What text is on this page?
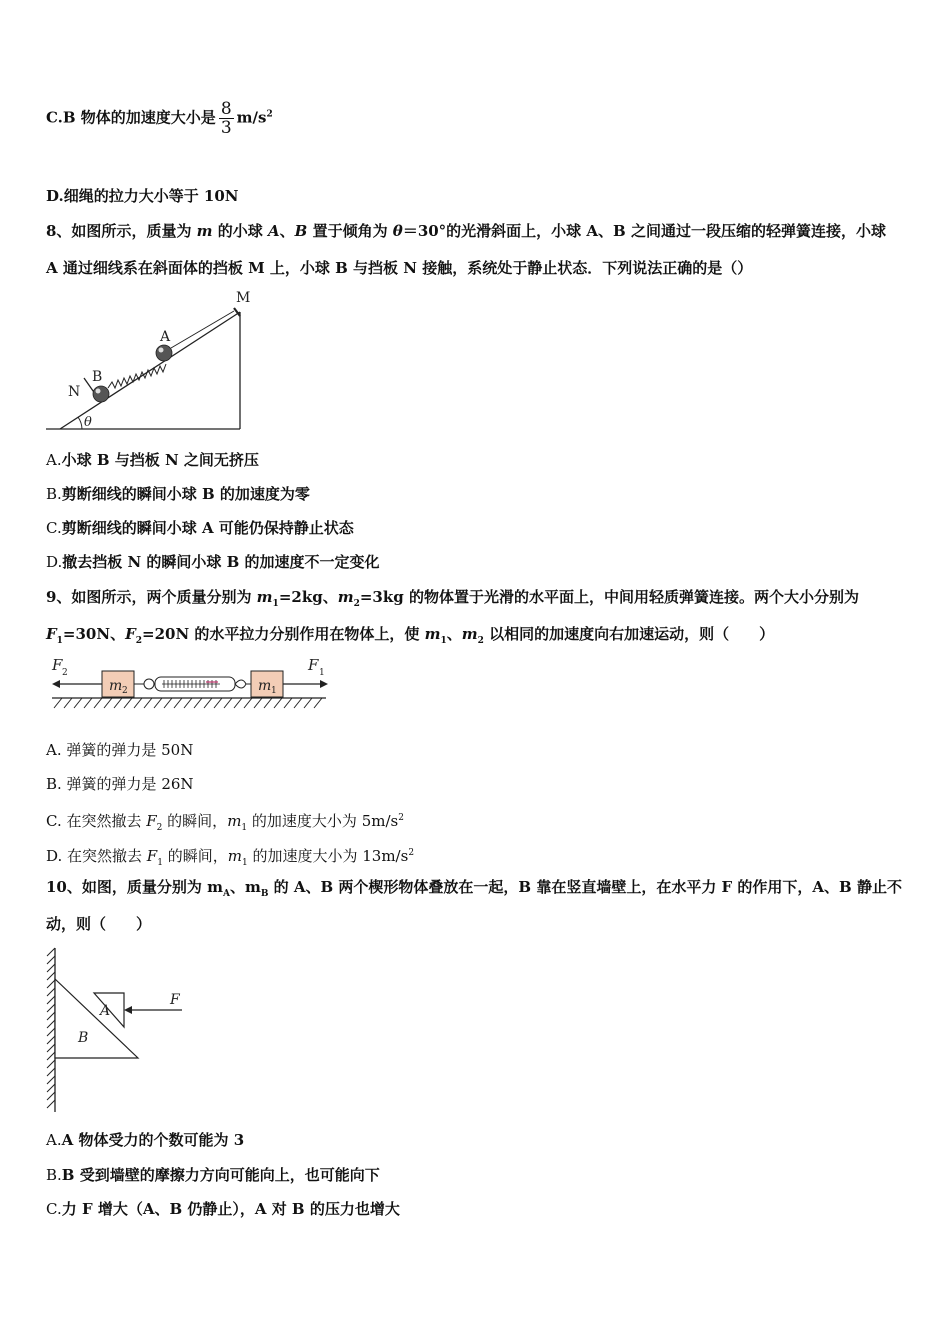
C.B 物体的加速度大小是 $\frac{8}{3} m/s^2$
D.细绳的拉力大小等于 10N
8、如图所示，质量为 m 的小球 A、B 置于倾角为 θ＝30°的光滑斜面上，小球 A、B 之间通过一段压缩的轻弹簧连接，小球
A 通过细线系在斜面体的挡板 M 上，小球 B 与挡板 N 接触，系统处于静止状态．下列说法正确的是（）
M
N
B
A
θ
A.小球 B 与挡板 N 之间无挤压
B.剪断细线的瞬间小球 B 的加速度为零
C.剪断细线的瞬间小球 A 可能仍保持静止状态
D.撤去挡板 N 的瞬间小球 B 的加速度不一定变化
9、如图所示，两个质量分别为 $m_1=2kg$、$m_2=3kg$ 的物体置于光滑的水平面上，中间用轻质弹簧连接。两个大小分别为
$F_1=30N$、$F_2=20N$ 的水平拉力分别作用在物体上，使 $m_1$、$m_2$ 以相同的加速度向右加速运动，则（　　）
m 2	m 1
F 2	F 1
A. 弹簧的弹力是 50N
B. 弹簧的弹力是 26N
C. 在突然撤去 $F_2$ 的瞬间，$m_1$ 的加速度大小为 $5m/s^2$
D. 在突然撤去 $F_1$ 的瞬间，$m_1$ 的加速度大小为 $13m/s^2$
10、如图，质量分别为 $m_A$、$m_B$ 的 A、B 两个楔形物体叠放在一起，B 靠在竖直墙壁上，在水平力 F 的作用下，A、B 静止不
动，则（　　）
A
B
F
A.A 物体受力的个数可能为 3
B.B 受到墙壁的摩擦力方向可能向上，也可能向下
C.力 F 增大（A、B 仍静止），A 对 B 的压力也增大
